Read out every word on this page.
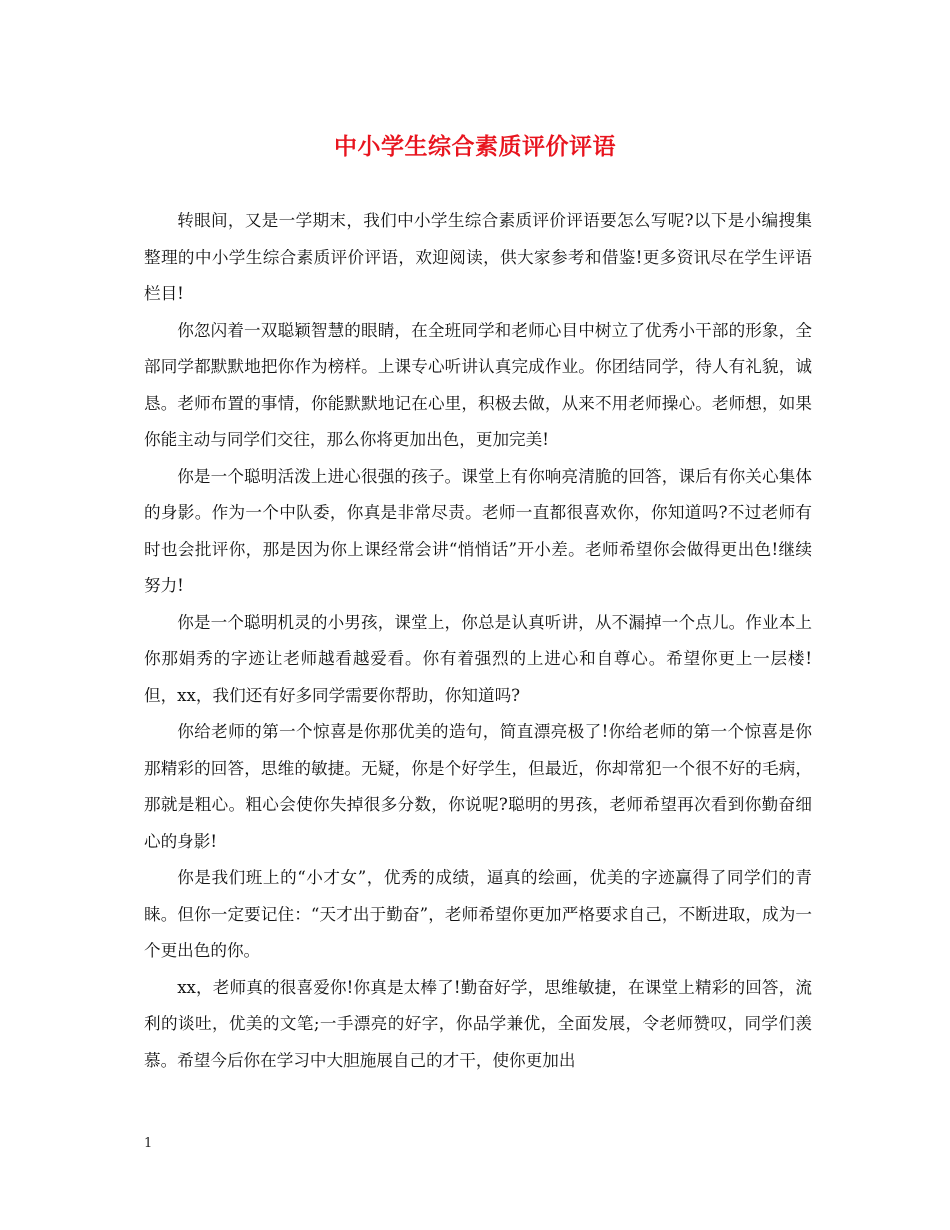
中小学生综合素质评价评语

转眼间，又是一学期末，我们中小学生综合素质评价评语要怎么写呢?以下是小编搜集整理的中小学生综合素质评价评语，欢迎阅读，供大家参考和借鉴!更多资讯尽在学生评语栏目!

你忽闪着一双聪颖智慧的眼睛，在全班同学和老师心目中树立了优秀小干部的形象，全部同学都默默地把你作为榜样。上课专心听讲认真完成作业。你团结同学，待人有礼貌，诚恳。老师布置的事情，你能默默地记在心里，积极去做，从来不用老师操心。老师想，如果你能主动与同学们交往，那么你将更加出色，更加完美!

你是一个聪明活泼上进心很强的孩子。课堂上有你响亮清脆的回答，课后有你关心集体的身影。作为一个中队委，你真是非常尽责。老师一直都很喜欢你，你知道吗?不过老师有时也会批评你，那是因为你上课经常会讲“悄悄话”开小差。老师希望你会做得更出色!继续努力!

你是一个聪明机灵的小男孩，课堂上，你总是认真听讲，从不漏掉一个点儿。作业本上你那娟秀的字迹让老师越看越爱看。你有着强烈的上进心和自尊心。希望你更上一层楼!但，xx，我们还有好多同学需要你帮助，你知道吗?

你给老师的第一个惊喜是你那优美的造句，简直漂亮极了!你给老师的第一个惊喜是你那精彩的回答，思维的敏捷。无疑，你是个好学生，但最近，你却常犯一个很不好的毛病，那就是粗心。粗心会使你失掉很多分数，你说呢?聪明的男孩，老师希望再次看到你勤奋细心的身影!

你是我们班上的“小才女”，优秀的成绩，逼真的绘画，优美的字迹赢得了同学们的青睐。但你一定要记住：“天才出于勤奋”，老师希望你更加严格要求自己，不断进取，成为一个更出色的你。

xx，老师真的很喜爱你!你真是太棒了!勤奋好学，思维敏捷，在课堂上精彩的回答，流利的谈吐，优美的文笔;一手漂亮的好字，你品学兼优，全面发展，令老师赞叹，同学们羡慕。希望今后你在学习中大胆施展自己的才干，使你更加出

1
